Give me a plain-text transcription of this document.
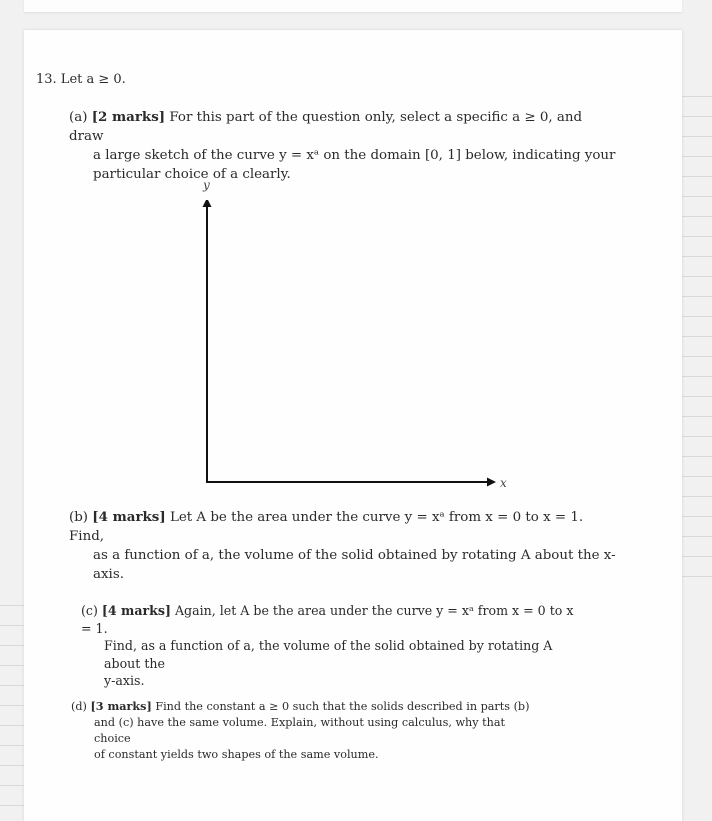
13. Let a ≥ 0.
(a) [2 marks] For this part of the question only, select a specific a ≥ 0, and draw
a large sketch of the curve y = xᵃ on the domain [0, 1] below, indicating your
particular choice of a clearly.
y
x
(b) [4 marks] Let A be the area under the curve y = xᵃ from x = 0 to x = 1. Find,
as a function of a, the volume of the solid obtained by rotating A about the x-axis.
(c) [4 marks] Again, let A be the area under the curve y = xᵃ from x = 0 to x = 1.
Find, as a function of a, the volume of the solid obtained by rotating A about the
y-axis.
(d) [3 marks] Find the constant a ≥ 0 such that the solids described in parts (b)
and (c) have the same volume. Explain, without using calculus, why that choice
of constant yields two shapes of the same volume.
